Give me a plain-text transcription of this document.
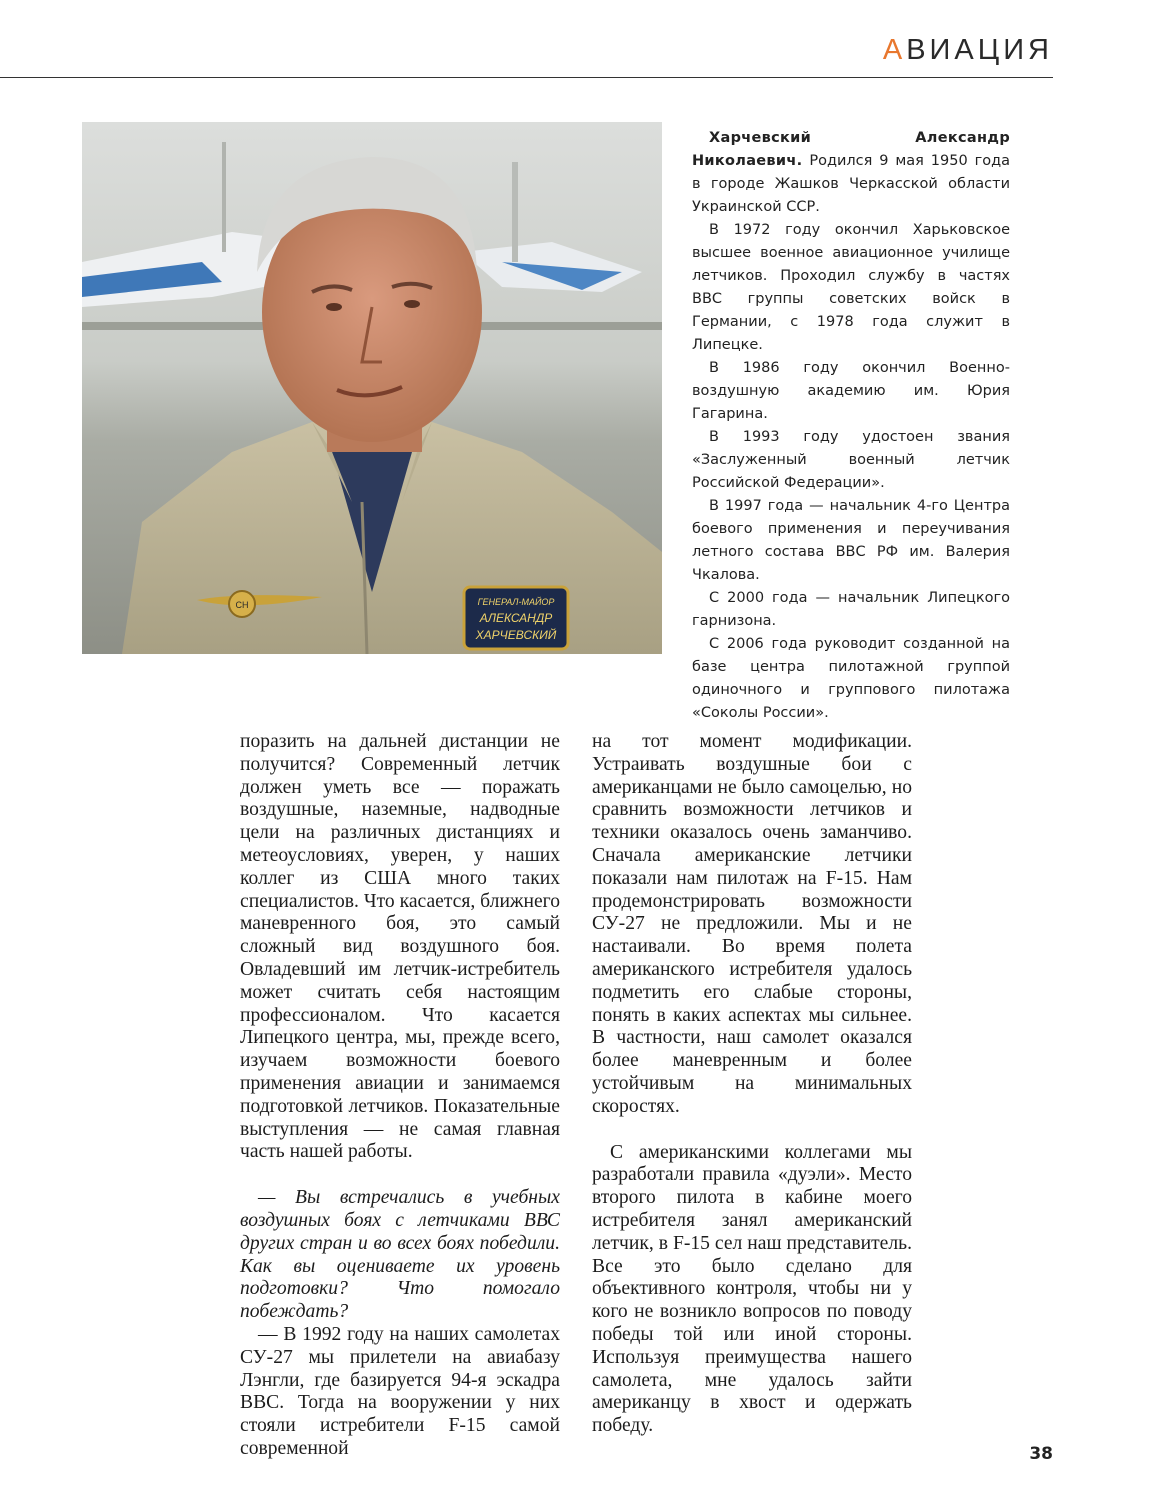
АВИАЦИЯ
СН	ГЕНЕРАЛ-МАЙОР
АЛЕКСАНДР
ХАРЧЕВСКИЙ

Харчевский Александр Николаевич. Родился 9 мая 1950 года в городе Жашков Черкасской области Украинской ССР.

В 1972 году окончил Харьковское высшее военное авиационное училище летчиков. Проходил службу в частях ВВС группы советских войск в Германии, с 1978 года служит в Липецке.

В 1986 году окончил Военно-воздушную академию им. Юрия Гагарина.

В 1993 году удостоен звания «Заслуженный военный летчик Российской Федерации».

В 1997 года — начальник 4-го Центра боевого применения и переучивания летного состава ВВС РФ им. Валерия Чкалова.

С 2000 года — начальник Липецкого гарнизона.

С 2006 года руководит созданной на базе центра пилотажной группой одиночного и группового пилотажа «Соколы России».

поразить на дальней дистанции не получится? Современный летчик должен уметь все — поражать воздушные, наземные, надводные цели на различных дистанциях и метеоусловиях, уверен, у наших коллег из США много таких специалистов. Что касается, ближнего маневренного боя, это самый сложный вид воздушного боя. Овладевший им летчик-истребитель может считать себя настоящим профессионалом. Что касается Липецкого центра, мы, прежде всего, изучаем возможности боевого применения авиации и занимаемся подготовкой летчиков. Показательные выступления — не самая главная часть нашей работы.

— Вы встречались в учебных воздушных боях с летчиками ВВС других стран и во всех боях победили. Как вы оцениваете их уровень подготовки? Что помогало побеждать?

— В 1992 году на наших самолетах СУ-27 мы прилетели на авиабазу Лэнгли, где базируется 94-я эскадра ВВС. Тогда на вооружении у них стояли истребители F-15 самой современной

на тот момент модификации. Устраивать воздушные бои с американцами не было самоцелью, но сравнить возможности летчиков и техники оказалось очень заманчиво. Сначала американские летчики показали нам пилотаж на F-15. Нам продемонстрировать возможности СУ-27 не предложили. Мы и не настаивали. Во время полета американского истребителя удалось подметить его слабые стороны, понять в каких аспектах мы сильнее. В частности, наш самолет оказался более маневренным и более устойчивым на минимальных скоростях.

С американскими коллегами мы разработали правила «дуэли». Место второго пилота в кабине моего истребителя занял американский летчик, в F-15 сел наш представитель. Все это было сделано для объективного контроля, чтобы ни у кого не возникло вопросов по поводу победы той или иной стороны. Используя преимущества нашего самолета, мне удалось зайти американцу в хвост и одержать победу.

38
